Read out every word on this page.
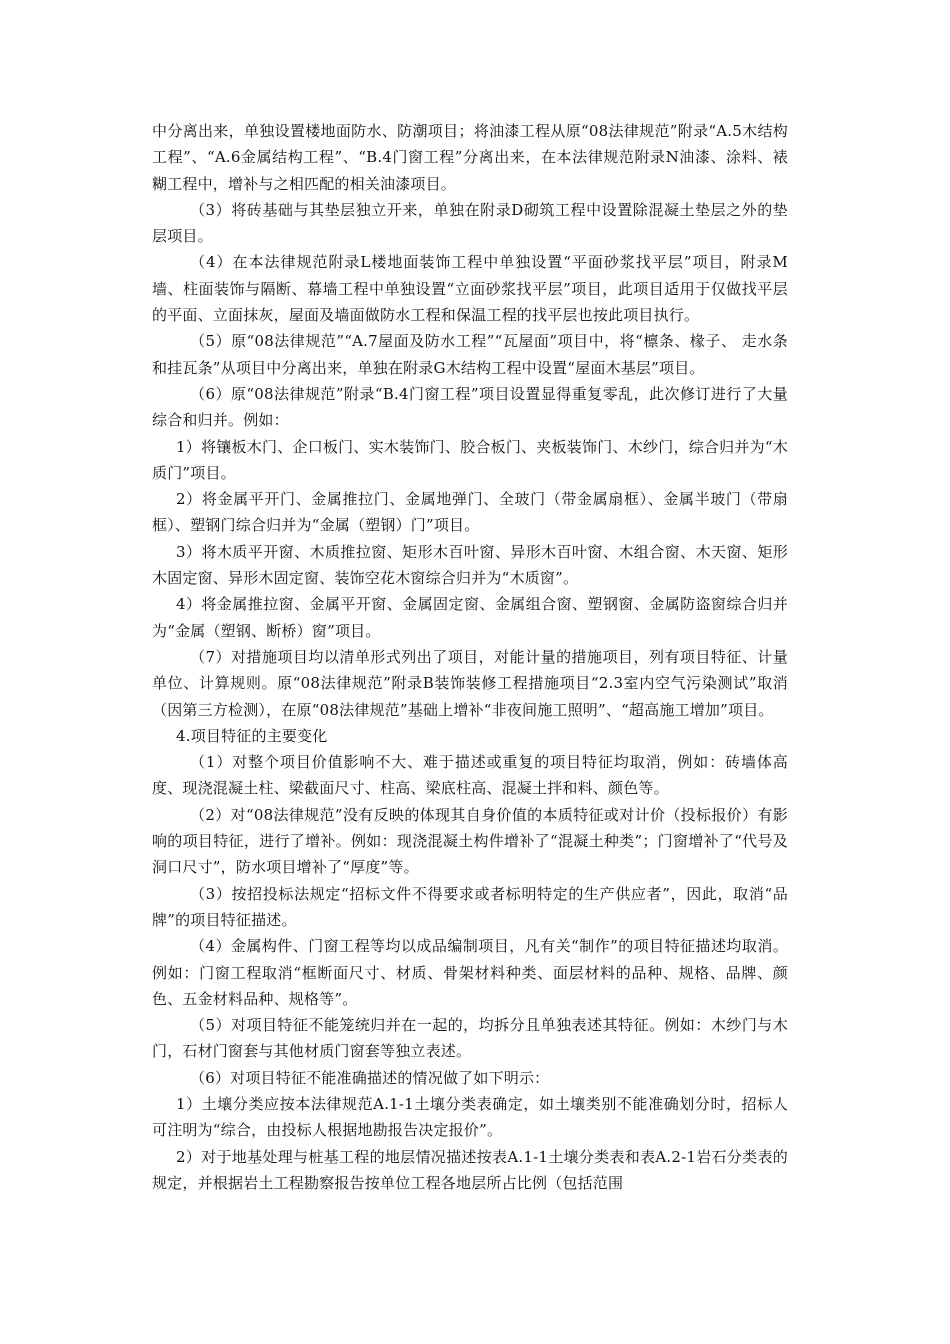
中分离出来，单独设置楼地面防水、防潮项目；将油漆工程从原“08法律规范”附录“A.5木结构工程”、“A.6金属结构工程”、“B.4门窗工程”分离出来，在本法律规范附录N油漆、涂料、裱糊工程中，增补与之相匹配的相关油漆项目。

（3）将砖基础与其垫层独立开来，单独在附录D砌筑工程中设置除混凝土垫层之外的垫层项目。

（4）在本法律规范附录L楼地面装饰工程中单独设置“平面砂浆找平层”项目，附录M墙、柱面装饰与隔断、幕墙工程中单独设置“立面砂浆找平层”项目，此项目适用于仅做找平层的平面、立面抹灰，屋面及墙面做防水工程和保温工程的找平层也按此项目执行。

（5）原“08法律规范”“A.7屋面及防水工程”“瓦屋面”项目中，将“檩条、椽子、 走水条和挂瓦条”从项目中分离出来，单独在附录G木结构工程中设置“屋面木基层”项目。

（6）原“08法律规范”附录“B.4门窗工程”项目设置显得重复零乱，此次修订进行了大量综合和归并。例如：

1）将镶板木门、企口板门、实木装饰门、胶合板门、夹板装饰门、木纱门，综合归并为“木质门”项目。

2）将金属平开门、金属推拉门、金属地弹门、全玻门（带金属扇框）、金属半玻门（带扇框）、塑钢门综合归并为“金属（塑钢）门”项目。

3）将木质平开窗、木质推拉窗、矩形木百叶窗、异形木百叶窗、木组合窗、木天窗、矩形木固定窗、异形木固定窗、装饰空花木窗综合归并为“木质窗”。

4）将金属推拉窗、金属平开窗、金属固定窗、金属组合窗、塑钢窗、金属防盗窗综合归并为“金属（塑钢、断桥）窗”项目。

（7）对措施项目均以清单形式列出了项目，对能计量的措施项目，列有项目特征、计量单位、计算规则。原“08法律规范”附录B装饰装修工程措施项目“2.3室内空气污染测试”取消（因第三方检测），在原“08法律规范”基础上增补“非夜间施工照明”、“超高施工增加”项目。

4.项目特征的主要变化

（1）对整个项目价值影响不大、难于描述或重复的项目特征均取消，例如：砖墙体高度、现浇混凝土柱、梁截面尺寸、柱高、梁底柱高、混凝土拌和料、颜色等。

（2）对“08法律规范”没有反映的体现其自身价值的本质特征或对计价（投标报价）有影响的项目特征，进行了增补。例如：现浇混凝土构件增补了“混凝土种类”；门窗增补了“代号及洞口尺寸”，防水项目增补了“厚度”等。

（3）按招投标法规定“招标文件不得要求或者标明特定的生产供应者”，因此，取消“品牌”的项目特征描述。

（4）金属构件、门窗工程等均以成品编制项目，凡有关“制作”的项目特征描述均取消。例如：门窗工程取消“框断面尺寸、材质、骨架材料种类、面层材料的品种、规格、品牌、颜色、五金材料品种、规格等”。

（5）对项目特征不能笼统归并在一起的，均拆分且单独表述其特征。例如：木纱门与木门，石材门窗套与其他材质门窗套等独立表述。

（6）对项目特征不能准确描述的情况做了如下明示：

1）土壤分类应按本法律规范A.1-1土壤分类表确定，如土壤类别不能准确划分时，招标人可注明为“综合，由投标人根据地勘报告决定报价”。

2）对于地基处理与桩基工程的地层情况描述按表A.1-1土壤分类表和表A.2-1岩石分类表的规定，并根据岩土工程勘察报告按单位工程各地层所占比例（包括范围
